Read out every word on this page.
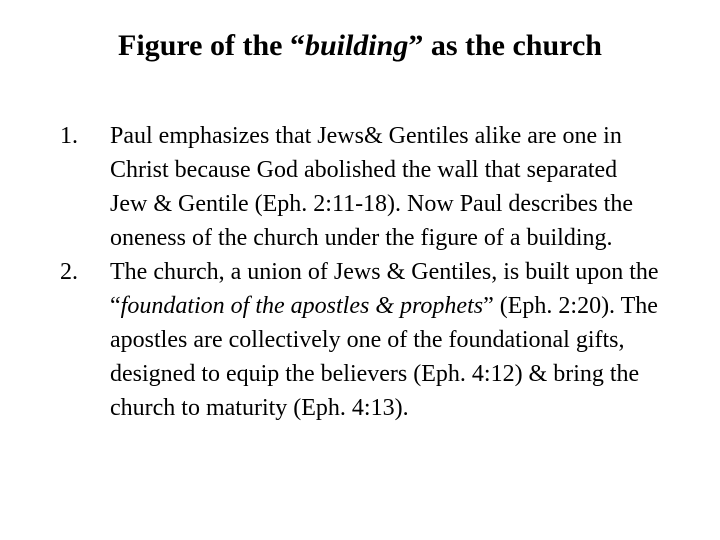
Figure of the “building” as the church
1. Paul emphasizes that Jews& Gentiles alike are one in Christ because God abolished the wall that separated Jew & Gentile (Eph. 2:11-18). Now Paul describes the oneness of the church under the figure of a building.
2. The church, a union of Jews & Gentiles, is built upon the “foundation of the apostles & prophets” (Eph. 2:20). The apostles are collectively one of the foundational gifts, designed to equip the believers (Eph. 4:12) & bring the church to maturity (Eph. 4:13).
